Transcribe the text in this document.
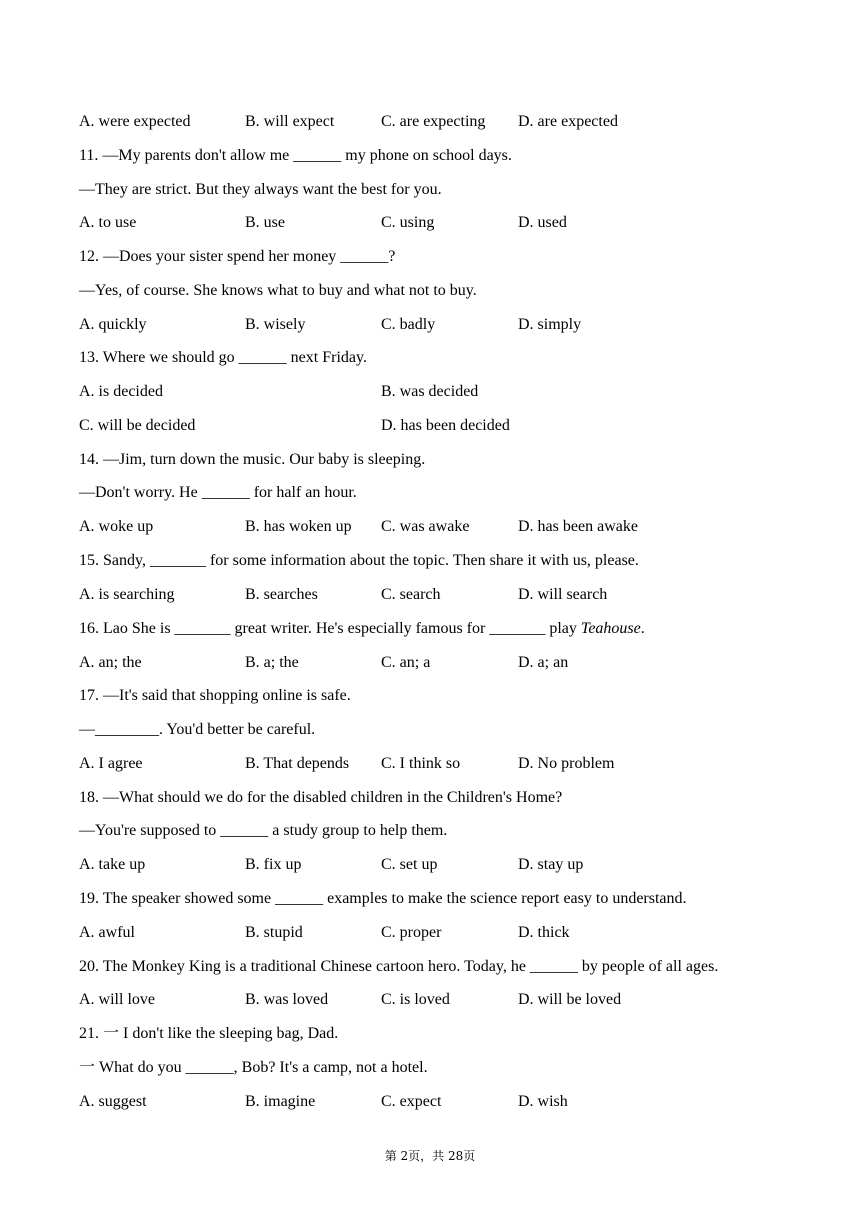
A. were expected	B. will expect	C. are expecting D. are expected
11. —My parents don't allow me ______ my phone on school days.
—They are strict. But they always want the best for you.
A. to use	B. use	C. using	D. used
12. —Does your sister spend her money ______?
—Yes, of course. She knows what to buy and what not to buy.
A. quickly	B. wisely	C. badly	D. simply
13. Where we should go ______ next Friday.
A. is decided	B. was decided
C. will be decided	D. has been decided
14. —Jim, turn down the music. Our baby is sleeping.
—Don't worry. He ______ for half an hour.
A. woke up	B. has woken up C. was awake	D. has been awake
15. Sandy, _______ for some information about the topic. Then share it with us, please.
A. is searching	B. searches	C. search	D. will search
16. Lao She is _______ great writer. He's especially famous for _______ play Teahouse.
A. an; the	B. a; the	C. an; a	D. a; an
17. —It's said that shopping online is safe.
—________. You'd better be careful.
A. I agree	B. That depends C. I think so	D. No problem
18. —What should we do for the disabled children in the Children's Home?
—You're supposed to ______ a study group to help them.
A. take up	B. fix up	C. set up	D. stay up
19. The speaker showed some ______ examples to make the science report easy to understand.
A. awful	B. stupid	C. proper	D. thick
20. The Monkey King is a traditional Chinese cartoon hero. Today, he ______ by people of all ages.
A. will love	B. was loved	C. is loved	D. will be loved
21. 一 I don't like the sleeping bag, Dad.
一 What do you ______, Bob? It's a camp, not a hotel.
A. suggest	B. imagine	C. expect	D. wish
第 2页，共 28页
